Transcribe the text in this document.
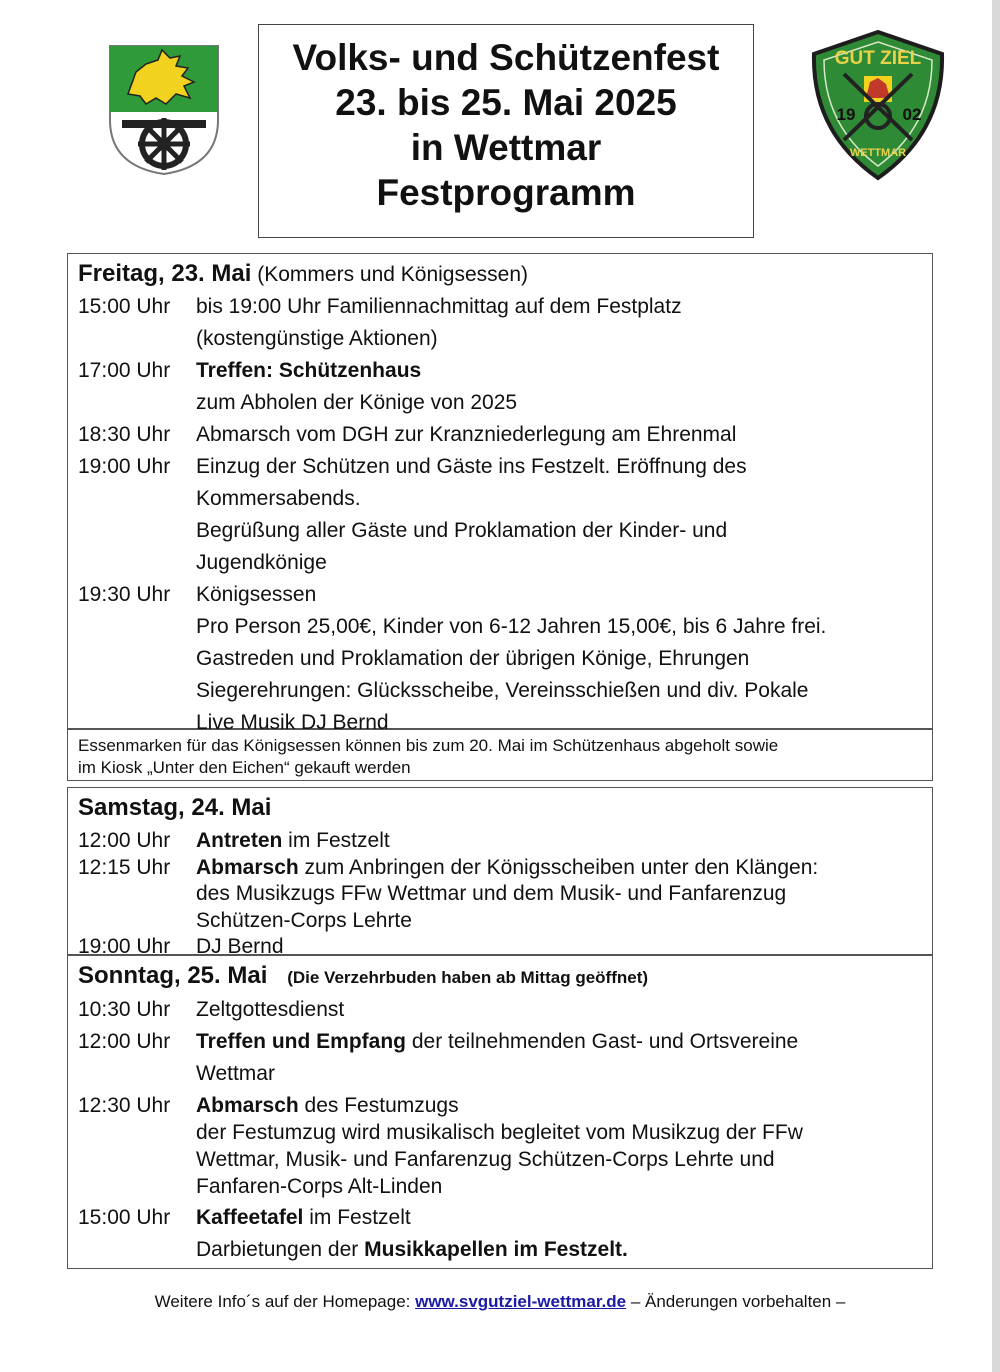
Volks- und Schützenfest
23. bis 25. Mai 2025
in Wettmar
Festprogramm
GUT ZIEL
19	02
WETTMAR
Freitag, 23. Mai (Kommers und Königsessen)
15:00 Uhr	bis 19:00 Uhr Familiennachmittag auf dem Festplatz
(kostengünstige Aktionen)
17:00 Uhr	Treffen: Schützenhaus
zum Abholen der Könige von 2025
18:30 Uhr	Abmarsch vom DGH zur Kranzniederlegung am Ehrenmal
19:00 Uhr	Einzug der Schützen und Gäste ins Festzelt. Eröffnung des
Kommersabends.
Begrüßung aller Gäste und Proklamation der Kinder- und
Jugendkönige
19:30 Uhr	Königsessen
Pro Person 25,00€, Kinder von 6-12 Jahren 15,00€, bis 6 Jahre frei.
Gastreden und Proklamation der übrigen Könige, Ehrungen
Siegerehrungen: Glücksscheibe, Vereinsschießen und div. Pokale
Live Musik DJ Bernd
Essenmarken für das Königsessen können bis zum 20. Mai im Schützenhaus abgeholt sowie
im Kiosk „Unter den Eichen“ gekauft werden
Samstag, 24. Mai
12:00 Uhr	Antreten im Festzelt
12:15 Uhr	Abmarsch zum Anbringen der Königsscheiben unter den Klängen:
des Musikzugs FFw Wettmar und dem Musik- und Fanfarenzug
Schützen-Corps Lehrte
19:00 Uhr	DJ Bernd
Sonntag, 25. Mai (Die Verzehrbuden haben ab Mittag geöffnet)
10:30 Uhr	Zeltgottesdienst
12:00 Uhr	Treffen und Empfang der teilnehmenden Gast- und Ortsvereine
Wettmar
12:30 Uhr	Abmarsch des Festumzugs
der Festumzug wird musikalisch begleitet vom Musikzug der FFw
Wettmar, Musik- und Fanfarenzug Schützen-Corps Lehrte und
Fanfaren-Corps Alt-Linden
15:00 Uhr	Kaffeetafel im Festzelt
Darbietungen der Musikkapellen im Festzelt.
Weitere Info´s auf der Homepage: www.svgutziel-wettmar.de – Änderungen vorbehalten –
